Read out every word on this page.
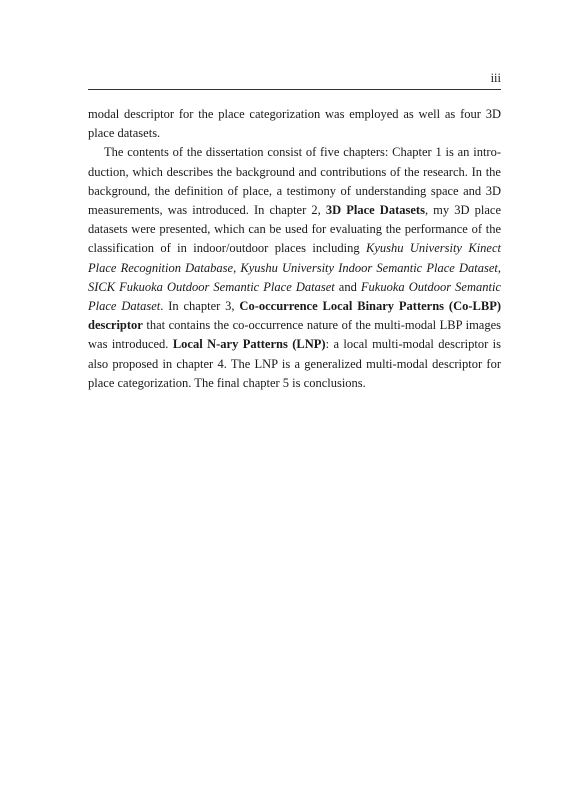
iii

modal descriptor for the place categorization was employed as well as four 3D place datasets.

The contents of the dissertation consist of five chapters: Chapter 1 is an introduction, which describes the background and contributions of the research. In the background, the definition of place, a testimony of understanding space and 3D measurements, was introduced. In chapter 2, 3D Place Datasets, my 3D place datasets were presented, which can be used for evaluating the performance of the classification of in indoor/outdoor places including Kyushu University Kinect Place Recognition Database, Kyushu University Indoor Semantic Place Dataset, SICK Fukuoka Outdoor Semantic Place Dataset and Fukuoka Outdoor Semantic Place Dataset. In chapter 3, Co-occurrence Local Binary Patterns (Co-LBP) descriptor that contains the co-occurrence nature of the multi-modal LBP images was introduced. Local N-ary Patterns (LNP): a local multi-modal descriptor is also proposed in chapter 4. The LNP is a generalized multi-modal descriptor for place categorization. The final chapter 5 is conclusions.
